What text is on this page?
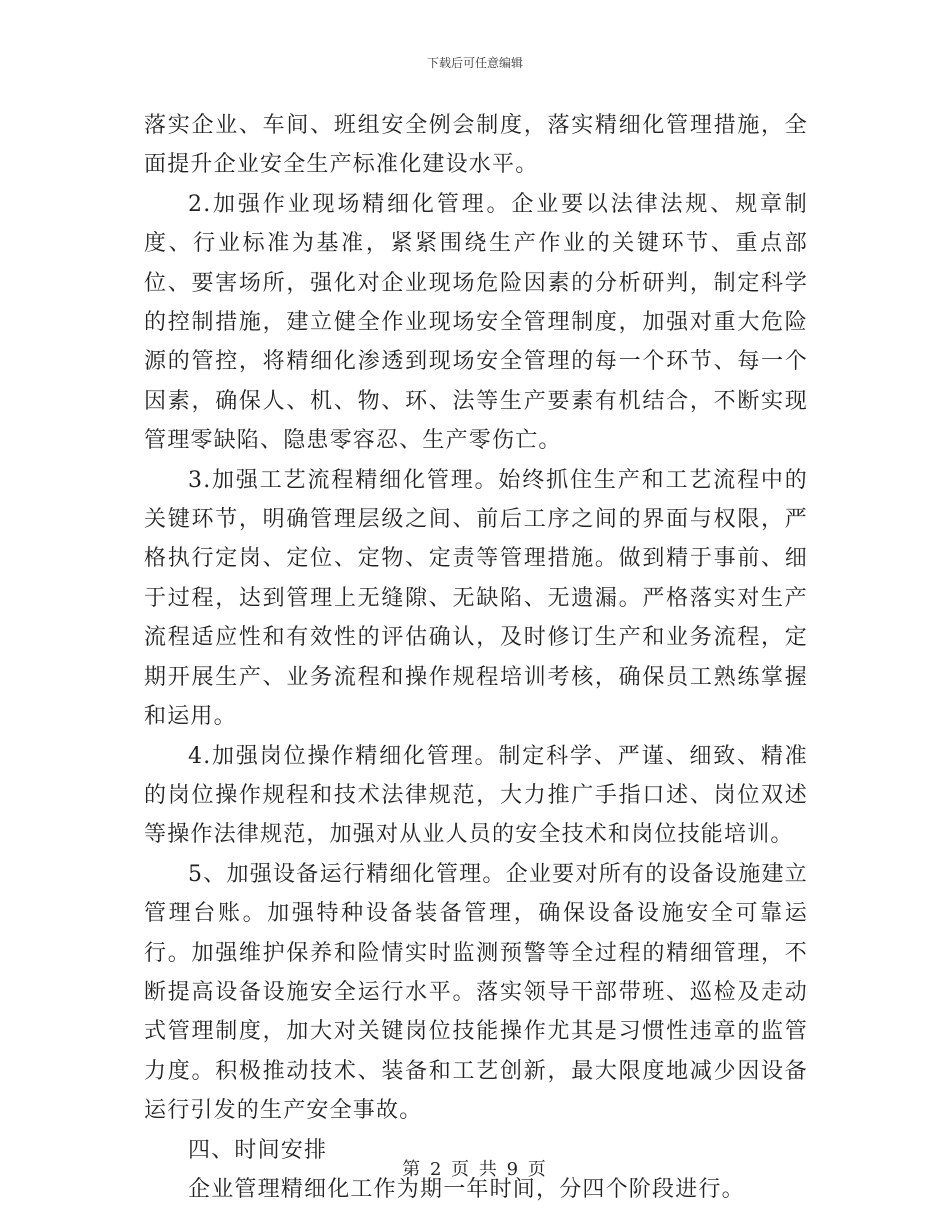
下载后可任意编辑

落实企业、车间、班组安全例会制度，落实精细化管理措施，全面提升企业安全生产标准化建设水平。

2.加强作业现场精细化管理。企业要以法律法规、规章制度、行业标准为基准，紧紧围绕生产作业的关键环节、重点部位、要害场所，强化对企业现场危险因素的分析研判，制定科学的控制措施，建立健全作业现场安全管理制度，加强对重大危险源的管控，将精细化渗透到现场安全管理的每一个环节、每一个因素，确保人、机、物、环、法等生产要素有机结合，不断实现管理零缺陷、隐患零容忍、生产零伤亡。

3.加强工艺流程精细化管理。始终抓住生产和工艺流程中的关键环节，明确管理层级之间、前后工序之间的界面与权限，严格执行定岗、定位、定物、定责等管理措施。做到精于事前、细于过程，达到管理上无缝隙、无缺陷、无遗漏。严格落实对生产流程适应性和有效性的评估确认，及时修订生产和业务流程，定期开展生产、业务流程和操作规程培训考核，确保员工熟练掌握和运用。

4.加强岗位操作精细化管理。制定科学、严谨、细致、精准的岗位操作规程和技术法律规范，大力推广手指口述、岗位双述等操作法律规范，加强对从业人员的安全技术和岗位技能培训。

5、加强设备运行精细化管理。企业要对所有的设备设施建立管理台账。加强特种设备装备管理，确保设备设施安全可靠运行。加强维护保养和险情实时监测预警等全过程的精细管理，不断提高设备设施安全运行水平。落实领导干部带班、巡检及走动式管理制度，加大对关键岗位技能操作尤其是习惯性违章的监管力度。积极推动技术、装备和工艺创新，最大限度地减少因设备运行引发的生产安全事故。

四、时间安排

企业管理精细化工作为期一年时间，分四个阶段进行。

第 2 页 共 9 页
